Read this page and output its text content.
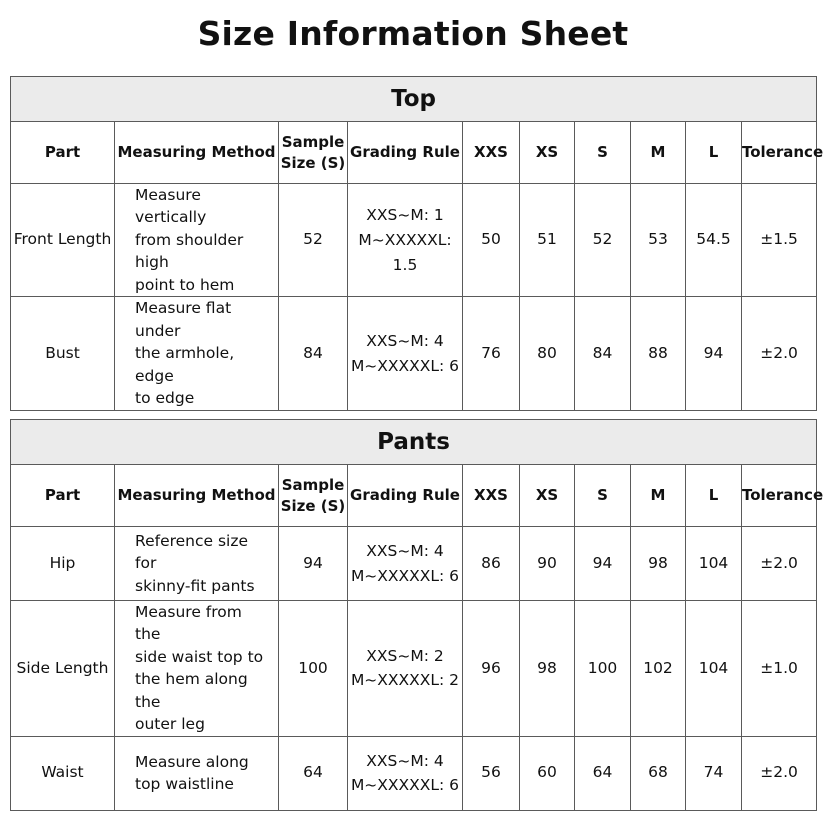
Size Information Sheet
Top									
Part	Measuring Method	Sample
Size (S)	Grading Rule	XXS	XS	S	M	L	Tolerance
Front Length	Measure vertically
from shoulder high
point to hem	52	XXS~M: 1
M~XXXXXL: 1.5	50	51	52	53	54.5	±1.5
Bust	Measure flat under
the armhole, edge
to edge	84	XXS~M: 4
M~XXXXXL: 6	76	80	84	88	94	±2.0
Pants									
Part	Measuring Method	Sample
Size (S)	Grading Rule	XXS	XS	S	M	L	Tolerance
Hip	Reference size for
skinny-fit pants	94	XXS~M: 4
M~XXXXXL: 6	86	90	94	98	104	±2.0
Side Length	Measure from the
side waist top to
the hem along the
outer leg	100	XXS~M: 2
M~XXXXXL: 2	96	98	100	102	104	±1.0
Waist	Measure along
top waistline	64	XXS~M: 4
M~XXXXXL: 6	56	60	64	68	74	±2.0
